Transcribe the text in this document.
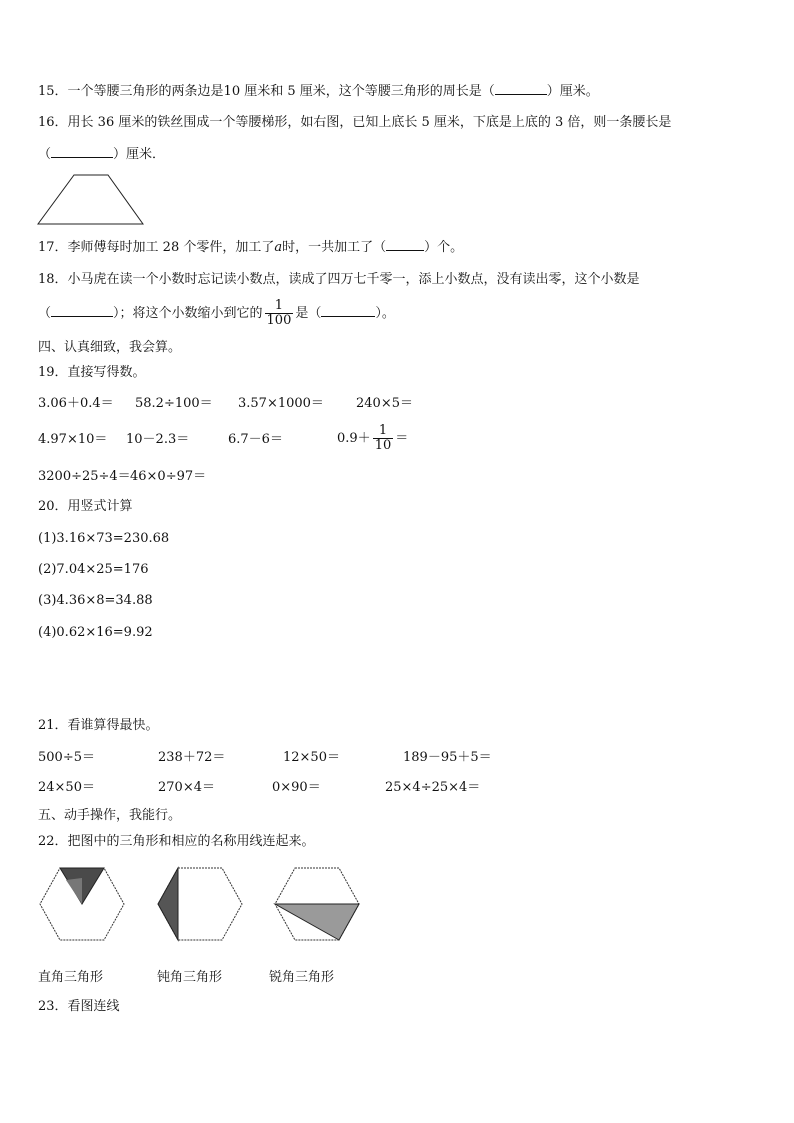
15．一个等腰三角形的两条边是10 厘米和 5 厘米，这个等腰三角形的周长是（	）厘米。
16．用长 36 厘米的铁丝围成一个等腰梯形，如右图，已知上底长 5 厘米，下底是上底的 3 倍，则一条腰长是
（	）厘米．
17．李师傅每时加工 28 个零件，加工了a时，一共加工了（	）个。
18．小马虎在读一个小数时忘记读小数点，读成了四万七千零一，添上小数点，没有读出零，这个小数是
（	）；将这个小数缩小到它的 $\frac{1}{100}$ 是（	）。
四、认真细致，我会算。
19．直接写得数。
3.06＋0.4＝ 58.2÷100＝ 3.57×1000＝ 240×5＝
4.97×10＝ 10－2.3＝	6.7－6＝	$0.9+ \frac{1}{10}$ ＝
3200÷25÷4＝ 46×0÷97＝
20．用竖式计算
(1)3.16×73=230.68
(2)7.04×25=176
(3)4.36×8=34.88
(4)0.62×16=9.92
21．看谁算得最快。
500÷5＝	238＋72＝	12×50＝	189－95＋5＝
24×50＝	270×4＝	0×90＝	25×4÷25×4＝
五、动手操作，我能行。
22．把图中的三角形和相应的名称用线连起来。
直角三角形	钝角三角形	锐角三角形
23．看图连线
